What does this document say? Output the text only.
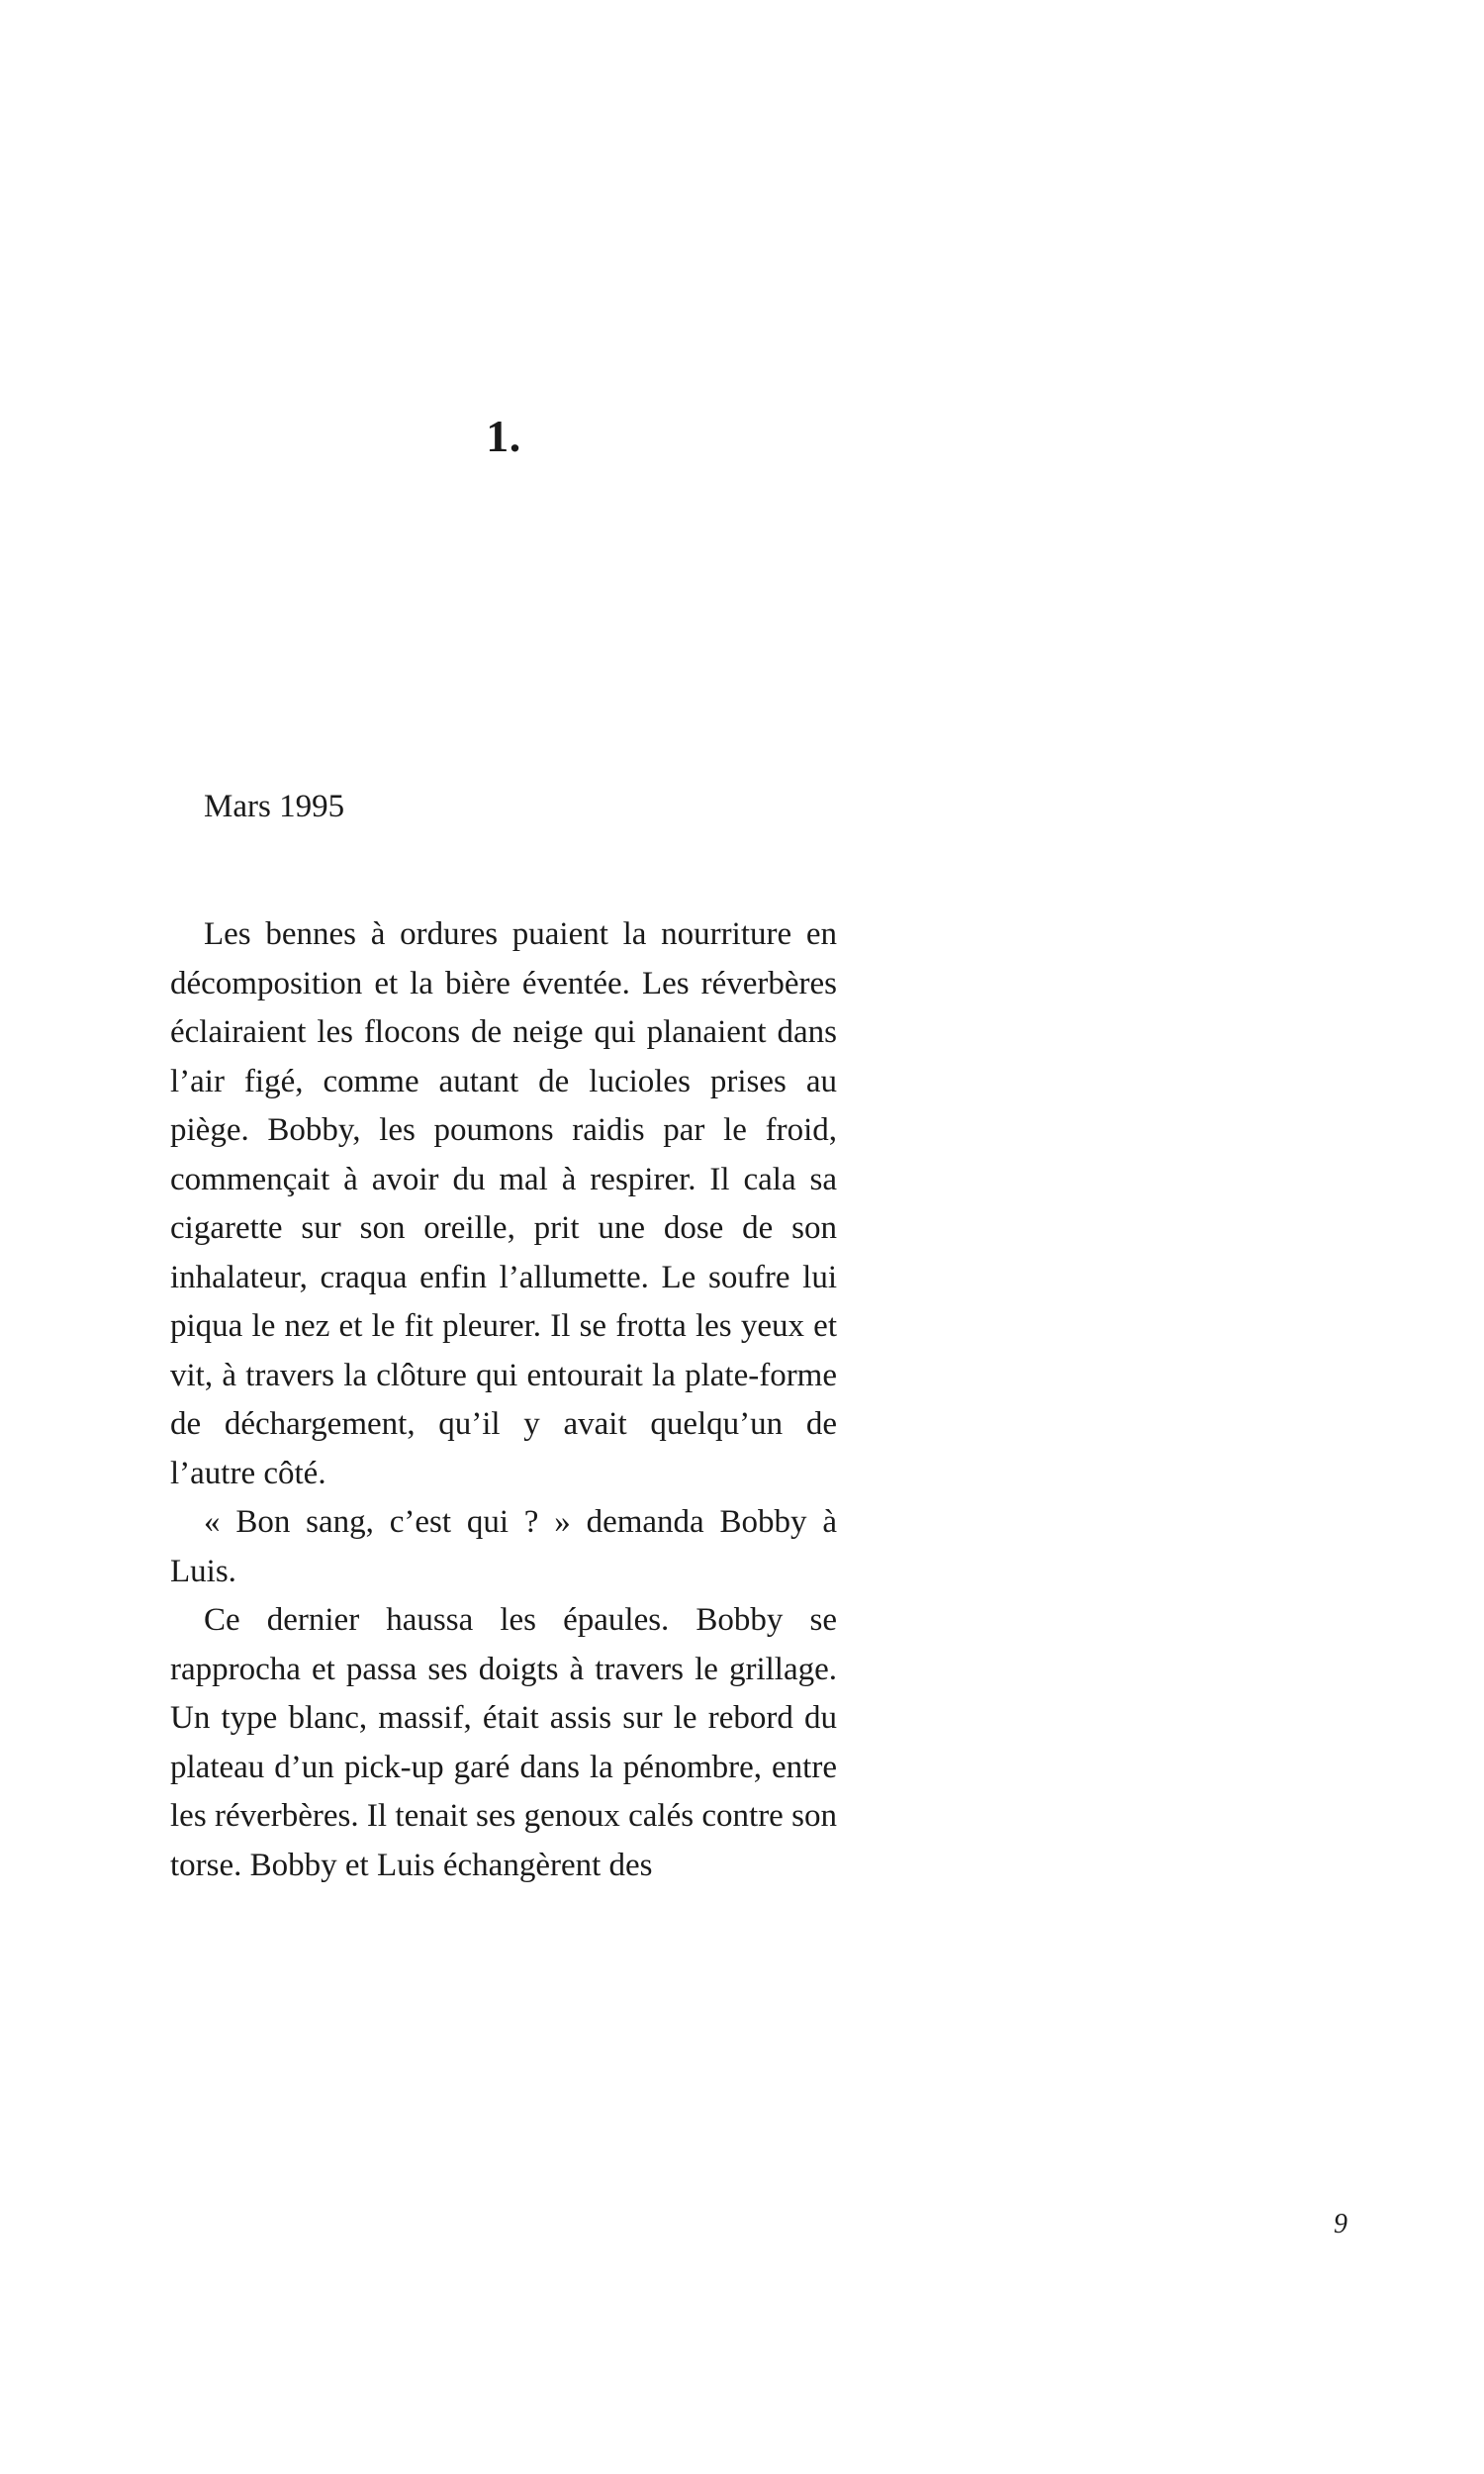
1.
Mars 1995

Les bennes à ordures puaient la nourriture en décomposition et la bière éventée. Les réverbères éclairaient les flocons de neige qui planaient dans l’air figé, comme autant de lucioles prises au piège. Bobby, les poumons raidis par le froid, commençait à avoir du mal à respirer. Il cala sa cigarette sur son oreille, prit une dose de son inhalateur, craqua enfin l’allumette. Le soufre lui piqua le nez et le fit pleurer. Il se frotta les yeux et vit, à travers la clôture qui entourait la plate-forme de déchargement, qu’il y avait quelqu’un de l’autre côté.

« Bon sang, c’est qui ? » demanda Bobby à Luis.

Ce dernier haussa les épaules. Bobby se rapprocha et passa ses doigts à travers le grillage. Un type blanc, massif, était assis sur le rebord du plateau d’un pick-up garé dans la pénombre, entre les réverbères. Il tenait ses genoux calés contre son torse. Bobby et Luis échangèrent des

9
